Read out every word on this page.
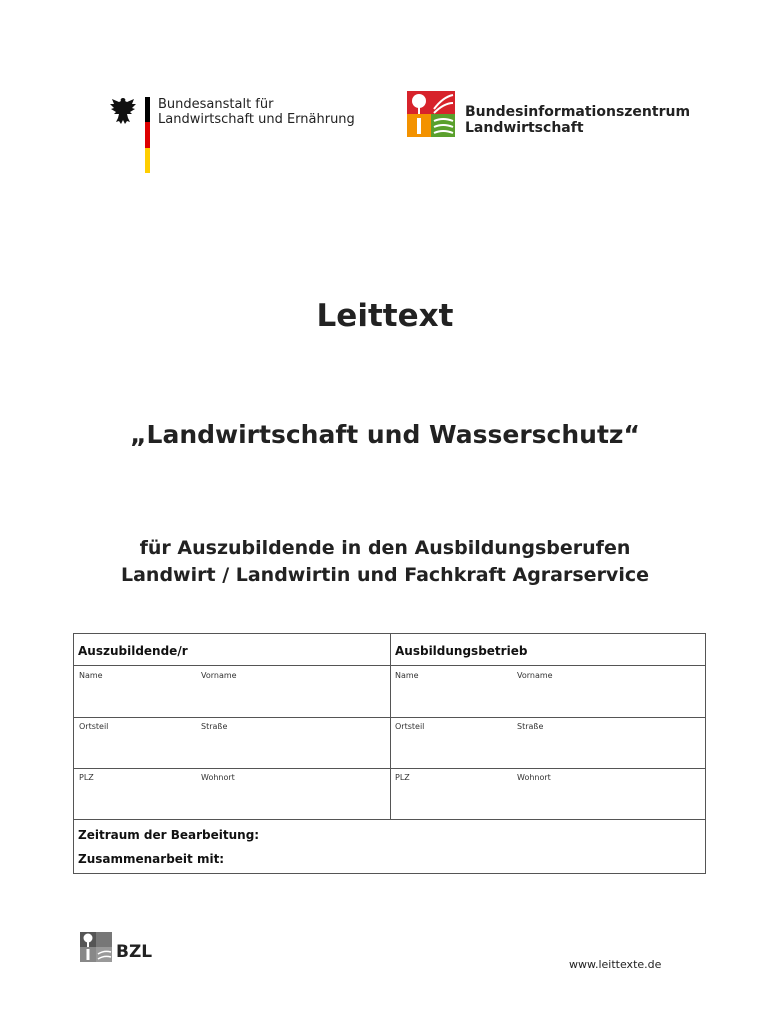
Bundesanstalt für
Landwirtschaft und Ernährung	Bundesinformationszentrum
Landwirtschaft
Leittext
„Landwirtschaft und Wasserschutz“
für Auszubildende in den Ausbildungsberufen
Landwirt / Landwirtin und Fachkraft Agrarservice
Auszubildende/r	Ausbildungsbetrieb
Name	Vorname	Name	Vorname
Ortsteil	Straße	Ortsteil	Straße
PLZ	Wohnort	PLZ	Wohnort
Zeitraum der Bearbeitung:
Zusammenarbeit mit:
BZL
www.leittexte.de
